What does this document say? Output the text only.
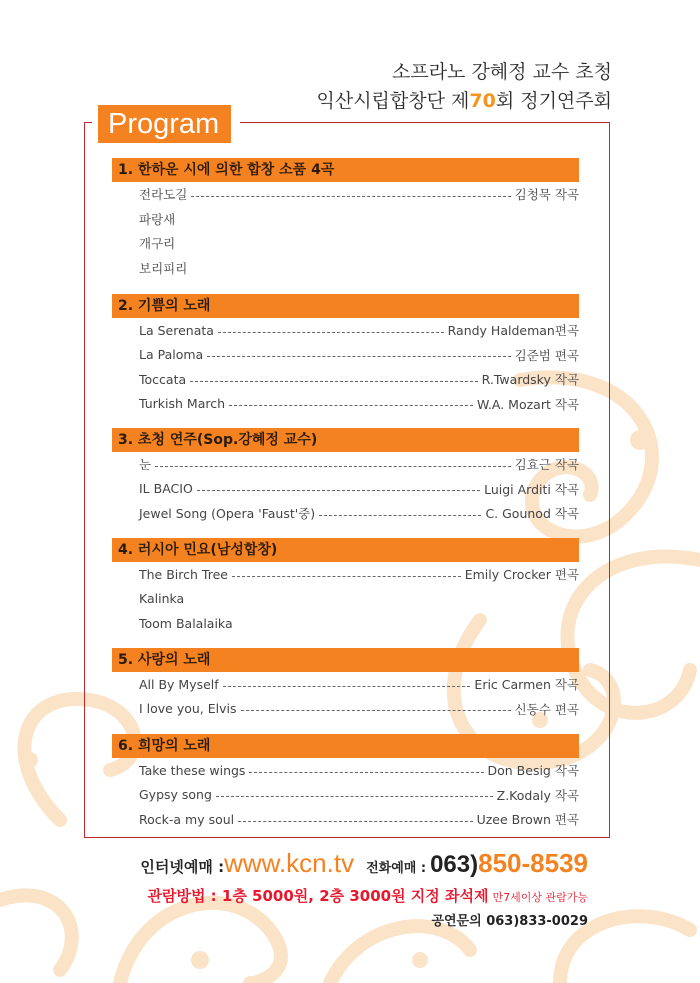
소프라노 강혜정 교수 초청
익산시립합창단 제70회 정기연주회
Program
1. 한하운 시에 의한 합창 소품 4곡
전라도길	김청묵 작곡
파랑새
개구리
보리피리
2. 기쁨의 노래
La Serenata	Randy Haldeman편곡
La Paloma	김준범 편곡
Toccata	R.Twardsky 작곡
Turkish March	W.A. Mozart 작곡
3. 초청 연주(Sop.강혜정 교수)
눈	김효근 작곡
IL BACIO	Luigi Arditi 작곡
Jewel Song (Opera 'Faust'중)	C. Gounod 작곡
4. 러시아 민요(남성합창)
The Birch Tree	Emily Crocker 편곡
Kalinka
Toom Balalaika
5. 사랑의 노래
All By Myself	Eric Carmen 작곡
I love you, Elvis	신동수 편곡
6. 희망의 노래
Take these wings	Don Besig 작곡
Gypsy song	Z.Kodaly 작곡
Rock-a my soul	Uzee Brown 편곡
인터넷예매 : www.kcn.tv 전화예매 : 063) 850-8539
관람방법 : 1층 5000원, 2층 3000원 지정 좌석제 만7세이상 관람가능
공연문의 063)833-0029
